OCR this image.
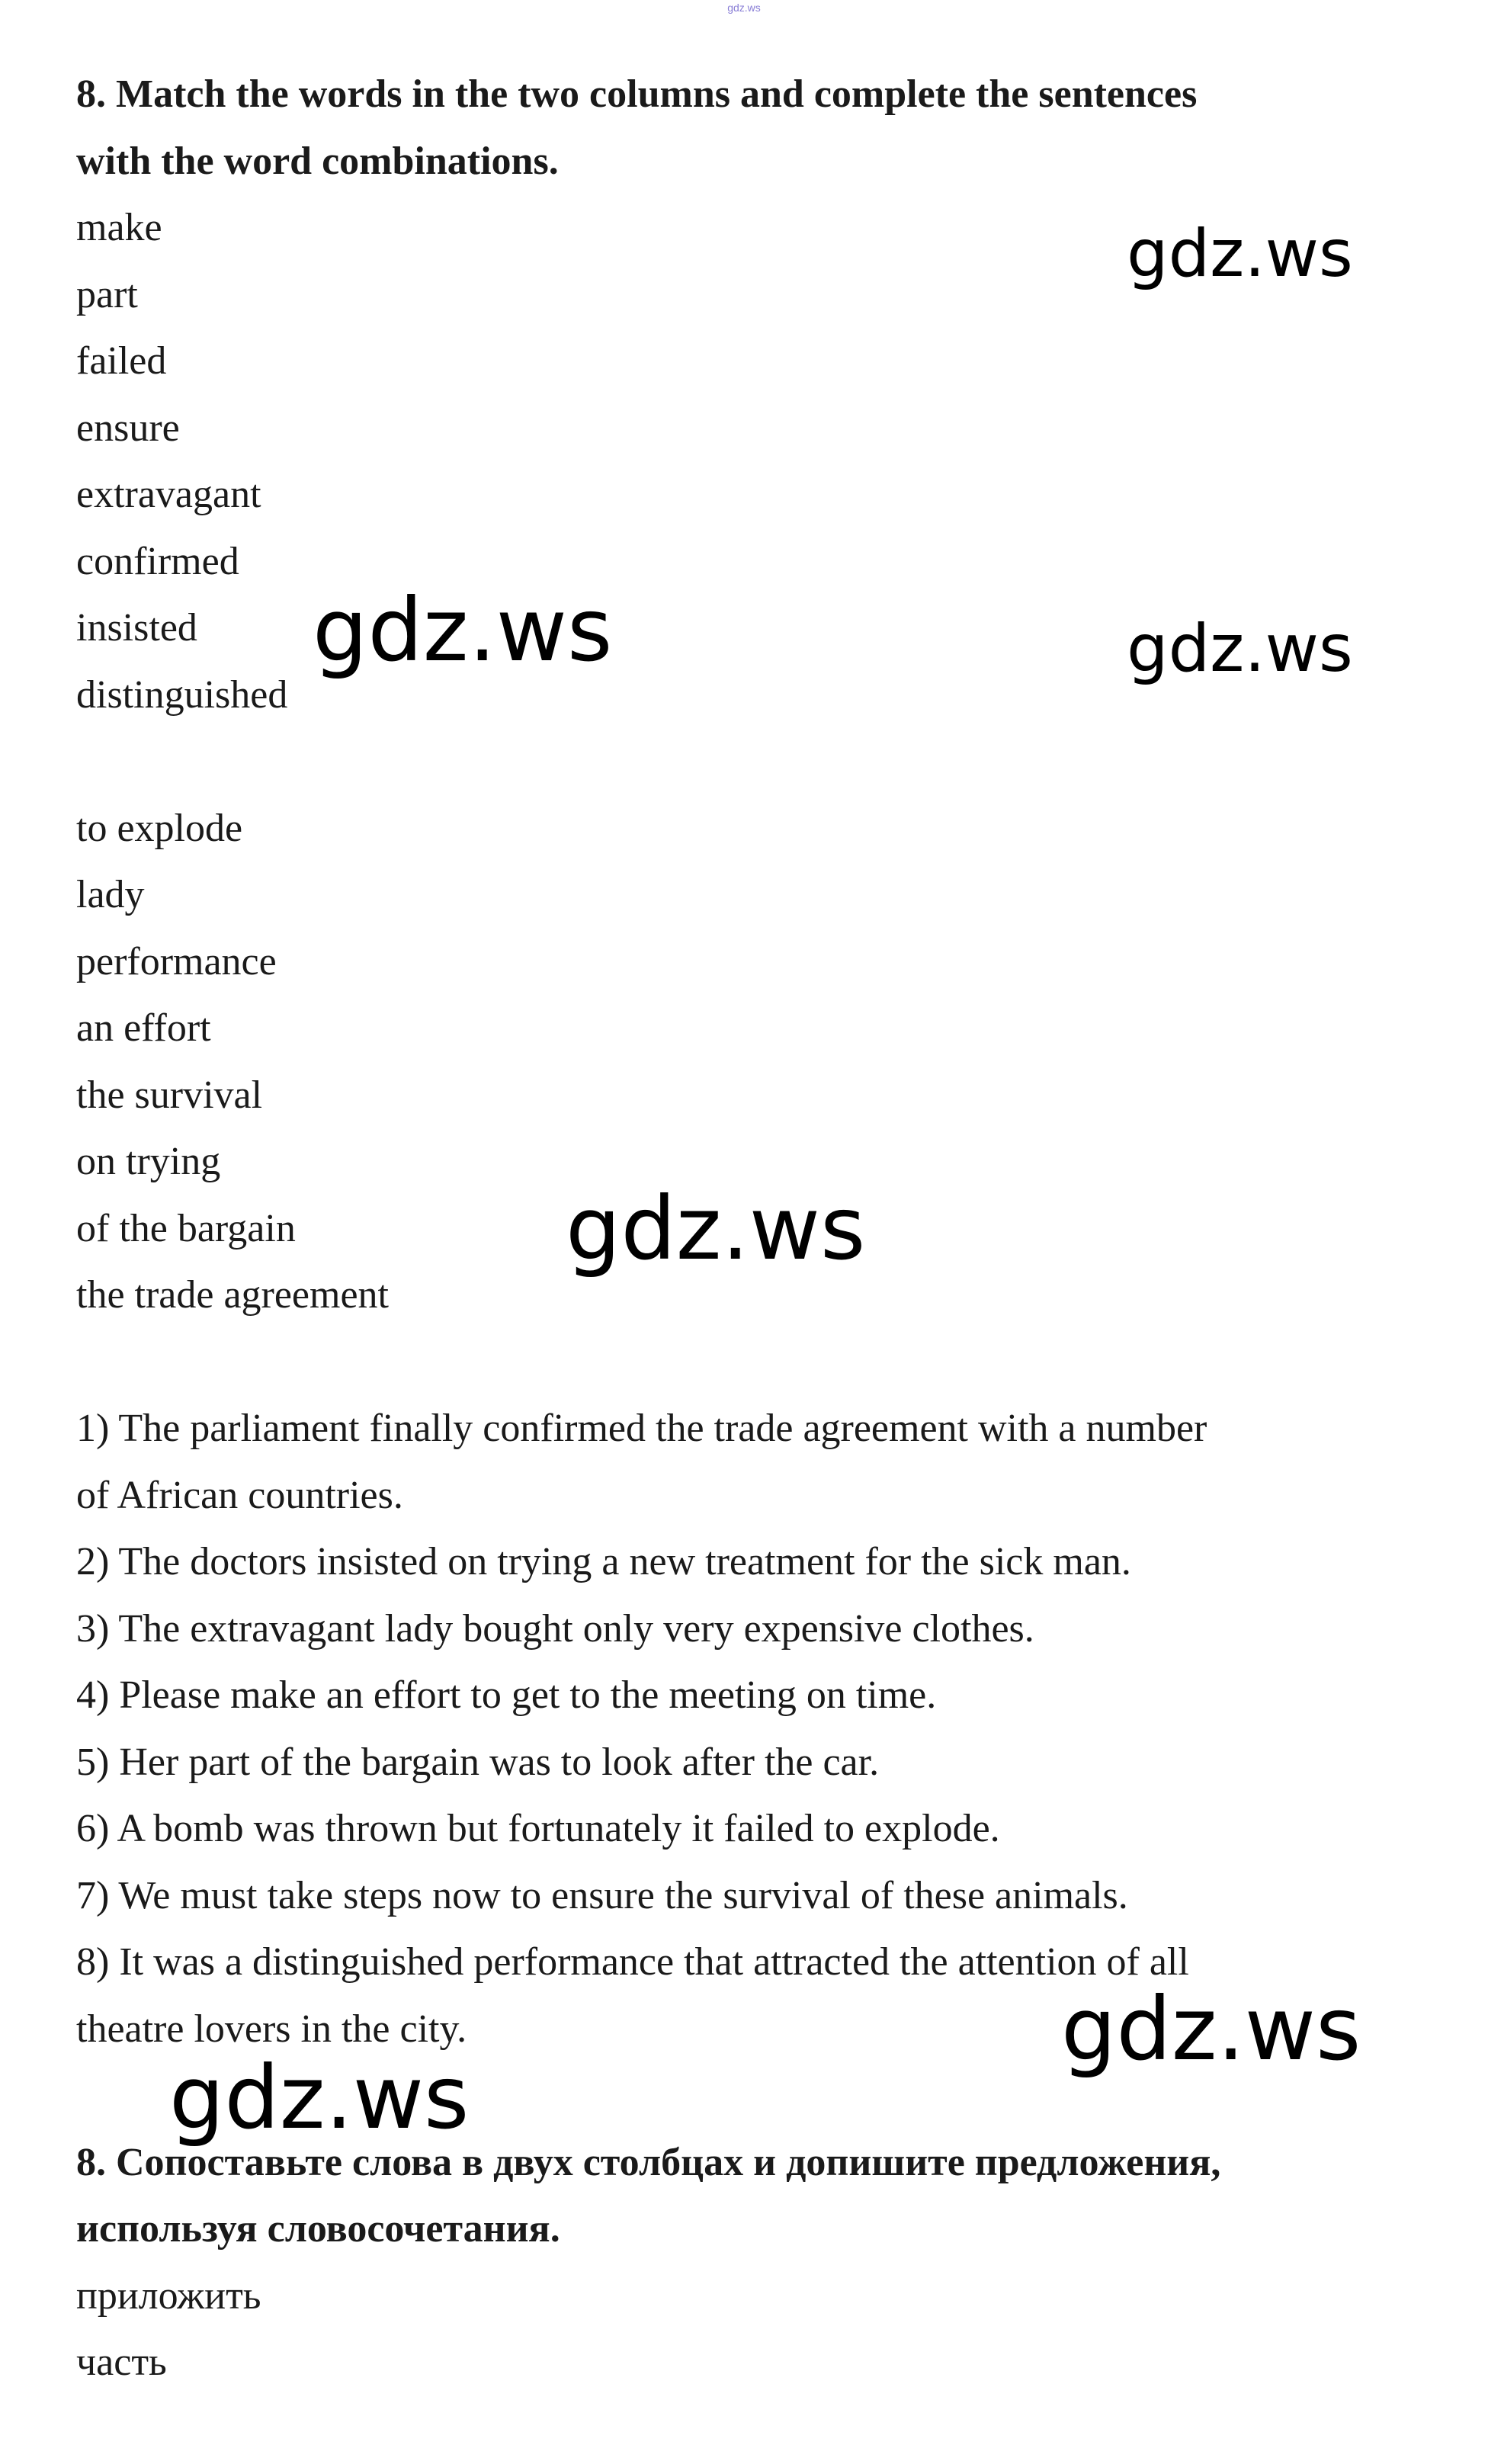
gdz.ws
8. Match the words in the two columns and complete the sentences
with the word combinations.
make
part
failed
ensure
extravagant
confirmed
insisted
distinguished
to explode
lady
performance
an effort
the survival
on trying
of the bargain
the trade agreement
1) The parliament finally confirmed the trade agreement with a number
of African countries.
2) The doctors insisted on trying a new treatment for the sick man.
3) The extravagant lady bought only very expensive clothes.
4) Please make an effort to get to the meeting on time.
5) Her part of the bargain was to look after the car.
6) A bomb was thrown but fortunately it failed to explode.
7) We must take steps now to ensure the survival of these animals.
8) It was a distinguished performance that attracted the attention of all
theatre lovers in the city.
8. Сопоставьте слова в двух столбцах и допишите предложения,
используя словосочетания.
приложить
часть
gdz.ws
gdz.ws	gdz.ws
gdz.ws
gdz.ws
gdz.ws
